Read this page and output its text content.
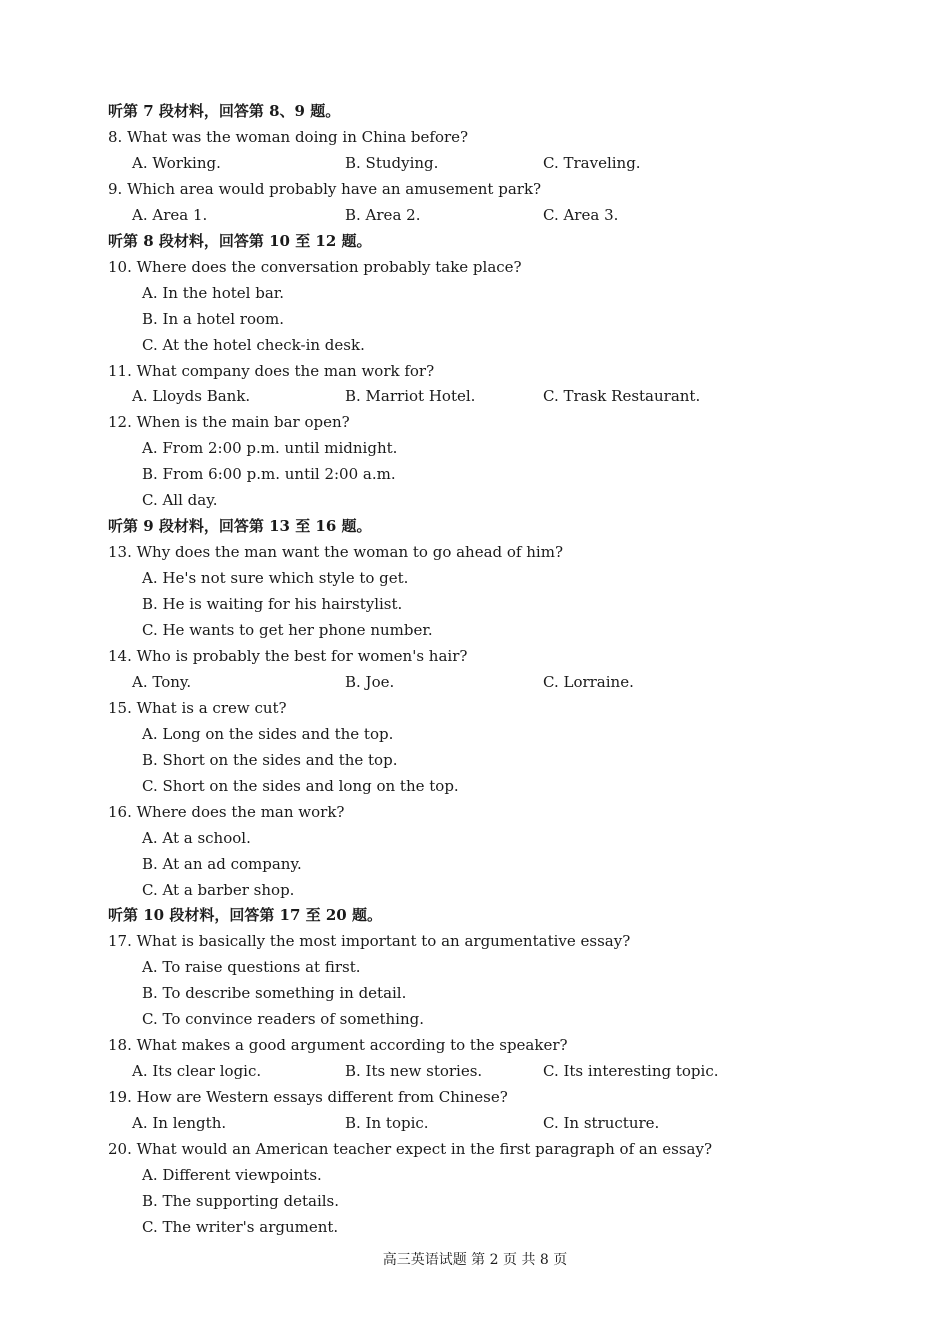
听第 7 段材料，回答第 8、9 题。
8. What was the woman doing in China before?
A. Working.	B. Studying.	C. Traveling.
9. Which area would probably have an amusement park?
A. Area 1.	B. Area 2.	C. Area 3.
听第 8 段材料，回答第 10 至 12 题。
10. Where does the conversation probably take place?
A. In the hotel bar.
B. In a hotel room.
C. At the hotel check-in desk.
11. What company does the man work for?
A. Lloyds Bank.	B. Marriot Hotel.	C. Trask Restaurant.
12. When is the main bar open?
A. From 2:00 p.m. until midnight.
B. From 6:00 p.m. until 2:00 a.m.
C. All day.
听第 9 段材料，回答第 13 至 16 题。
13. Why does the man want the woman to go ahead of him?
A. He's not sure which style to get.
B. He is waiting for his hairstylist.
C. He wants to get her phone number.
14. Who is probably the best for women's hair?
A. Tony.	B. Joe.	C. Lorraine.
15. What is a crew cut?
A. Long on the sides and the top.
B. Short on the sides and the top.
C. Short on the sides and long on the top.
16. Where does the man work?
A. At a school.
B. At an ad company.
C. At a barber shop.
听第 10 段材料，回答第 17 至 20 题。
17. What is basically the most important to an argumentative essay?
A. To raise questions at first.
B. To describe something in detail.
C. To convince readers of something.
18. What makes a good argument according to the speaker?
A. Its clear logic.	B. Its new stories.	C. Its interesting topic.
19. How are Western essays different from Chinese?
A. In length.	B. In topic.	C. In structure.
20. What would an American teacher expect in the first paragraph of an essay?
A. Different viewpoints.
B. The supporting details.
C. The writer's argument.
高三英语试题 第 2 页 共 8 页
